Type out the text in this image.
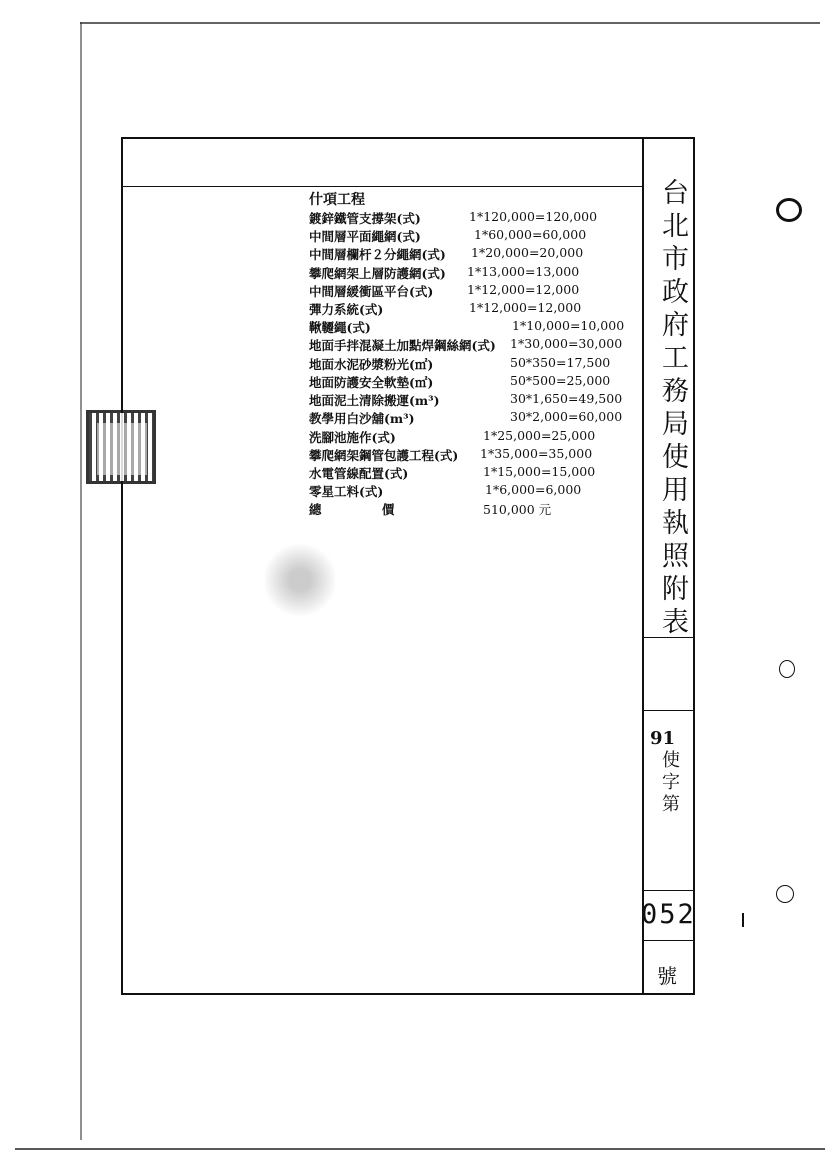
台北市政府工務局使用執照附表
91
使字第
052
號
什項工程
鍍鋅鐵管支撐架(式)	1*120,000=120,000
中間層平面繩網(式)	1*60,000=60,000
中間層欄杆２分繩網(式) 1*20,000=20,000
攀爬網架上層防護網(式) 1*13,000=13,000
中間層緩衝區平台(式)	1*12,000=12,000
彈力系統(式)	1*12,000=12,000
鞦韆繩(式)	1*10,000=10,000
地面手拌混凝土加點焊鋼絲網(式) 1*30,000=30,000
地面水泥砂漿粉光(㎡)	50*350=17,500
地面防護安全軟墊(㎡)	50*500=25,000
地面泥土清除搬運(m³)	30*1,650=49,500
教學用白沙舖(m³)	30*2,000=60,000
洗腳池施作(式)	1*25,000=25,000
攀爬網架鋼管包護工程(式) 1*35,000=35,000
水電管線配置(式)	1*15,000=15,000
零星工料(式)	1*6,000=6,000
總 價	510,000 元
